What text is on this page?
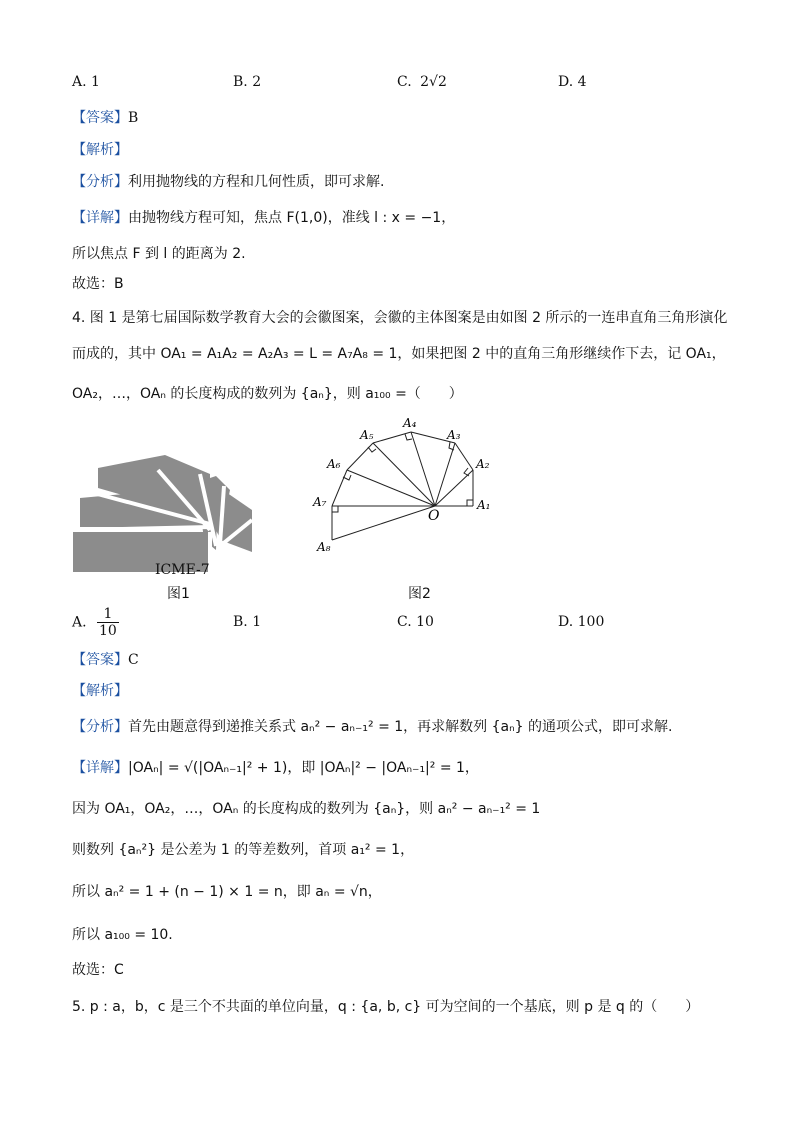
A. 1	B. 2	C. 2√2	D. 4
【答案】B
【解析】
【分析】利用抛物线的方程和几何性质，即可求解.
【详解】由抛物线方程可知，焦点 F(1,0)，准线 l : x = −1，
所以焦点 F 到 l 的距离为 2.
故选：B
4. 图 1 是第七届国际数学教育大会的会徽图案，会徽的主体图案是由如图 2 所示的一连串直角三角形演化
而成的，其中 OA₁ = A₁A₂ = A₂A₃ = L = A₇A₈ = 1，如果把图 2 中的直角三角形继续作下去，记 OA₁，
OA₂，…，OAₙ 的长度构成的数列为 {aₙ}，则 a₁₀₀ =（　　）
ICME-7
图1
O
A₁
A₂
A₃
A₄
A₅
A₆
A₇
A₈
图2
A. $\frac{1}{10}$	B. 1	C. 10	D. 100
【答案】C
【解析】
【分析】首先由题意得到递推关系式 aₙ² − aₙ₋₁² = 1，再求解数列 {aₙ} 的通项公式，即可求解.
【详解】|OAₙ| = √(|OAₙ₋₁|² + 1)，即 |OAₙ|² − |OAₙ₋₁|² = 1，
因为 OA₁，OA₂，…，OAₙ 的长度构成的数列为 {aₙ}，则 aₙ² − aₙ₋₁² = 1
则数列 {aₙ²} 是公差为 1 的等差数列，首项 a₁² = 1，
所以 aₙ² = 1 + (n − 1) × 1 = n，即 aₙ = √n，
所以 a₁₀₀ = 10.
故选：C
5. p : a，b，c 是三个不共面的单位向量，q : {a, b, c} 可为空间的一个基底，则 p 是 q 的（　　）
